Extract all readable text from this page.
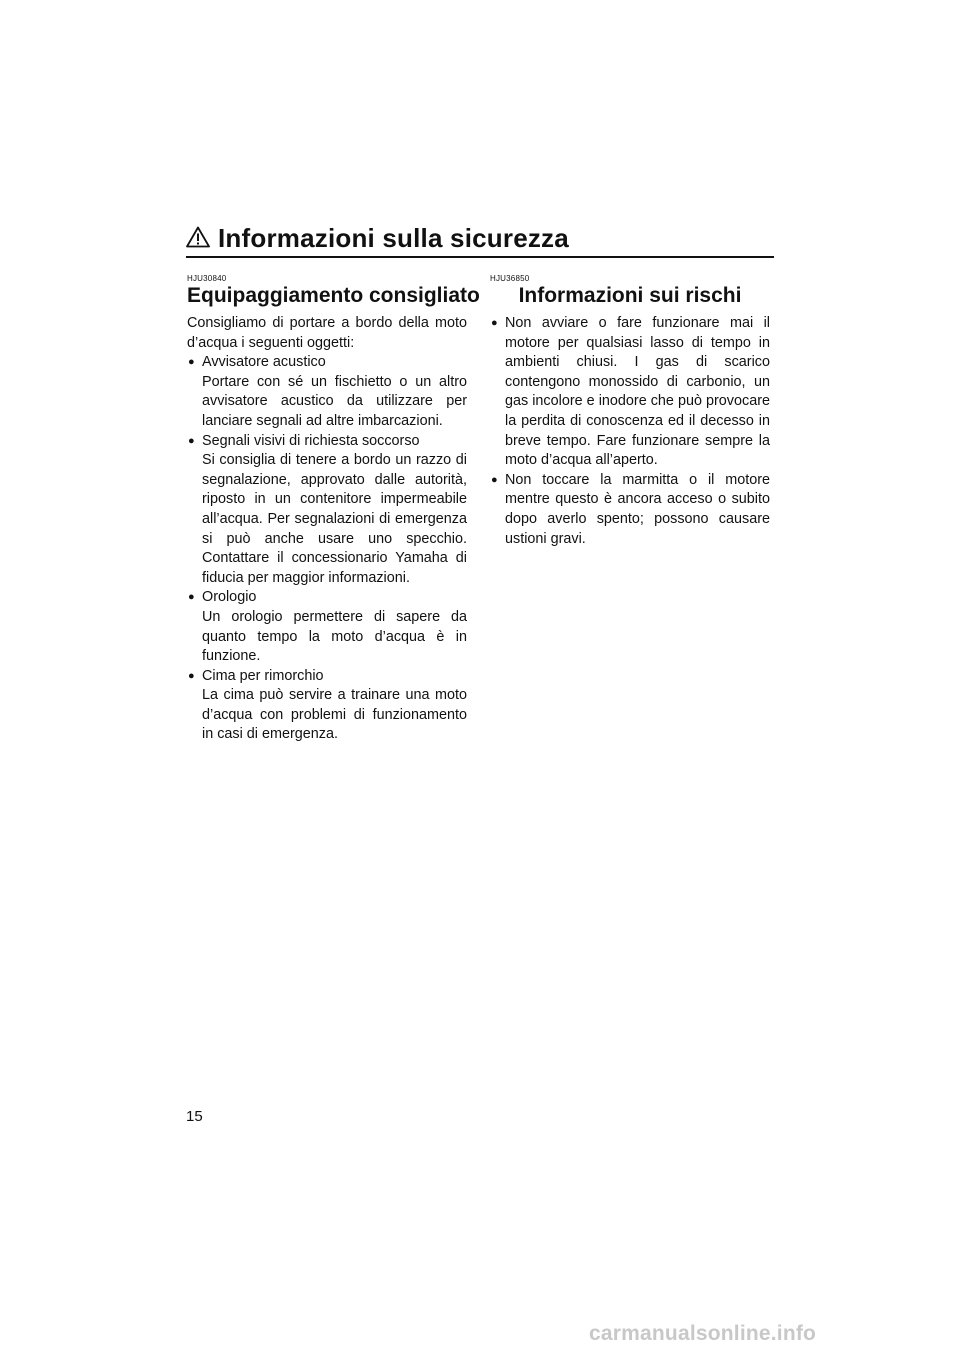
Informazioni sulla sicurezza
HJU30840
Equipaggiamento consigliato

Consigliamo di portare a bordo della moto d’acqua i seguenti oggetti:

● Avvisatore acustico
Portare con sé un fischietto o un altro avvisatore acustico da utilizzare per lanciare segnali ad altre imbarcazioni.
● Segnali visivi di richiesta soccorso
Si consiglia di tenere a bordo un razzo di segnalazione, approvato dalle autorità, riposto in un contenitore impermeabile all’acqua. Per segnalazioni di emergenza si può anche usare uno specchio. Contattare il concessionario Yamaha di fiducia per maggior informazioni.
● Orologio
Un orologio permettere di sapere da quanto tempo la moto d’acqua è in funzione.
● Cima per rimorchio
La cima può servire a trainare una moto d’acqua con problemi di funzionamento in casi di emergenza.
HJU36850
Informazioni sui rischi
● Non avviare o fare funzionare mai il motore per qualsiasi lasso di tempo in ambienti chiusi. I gas di scarico contengono monossido di carbonio, un gas incolore e inodore che può provocare la perdita di conoscenza ed il decesso in breve tempo. Fare funzionare sempre la moto d’acqua all’aperto.
● Non toccare la marmitta o il motore mentre questo è ancora acceso o subito dopo averlo spento; possono causare ustioni gravi.
15
carmanualsonline.info
